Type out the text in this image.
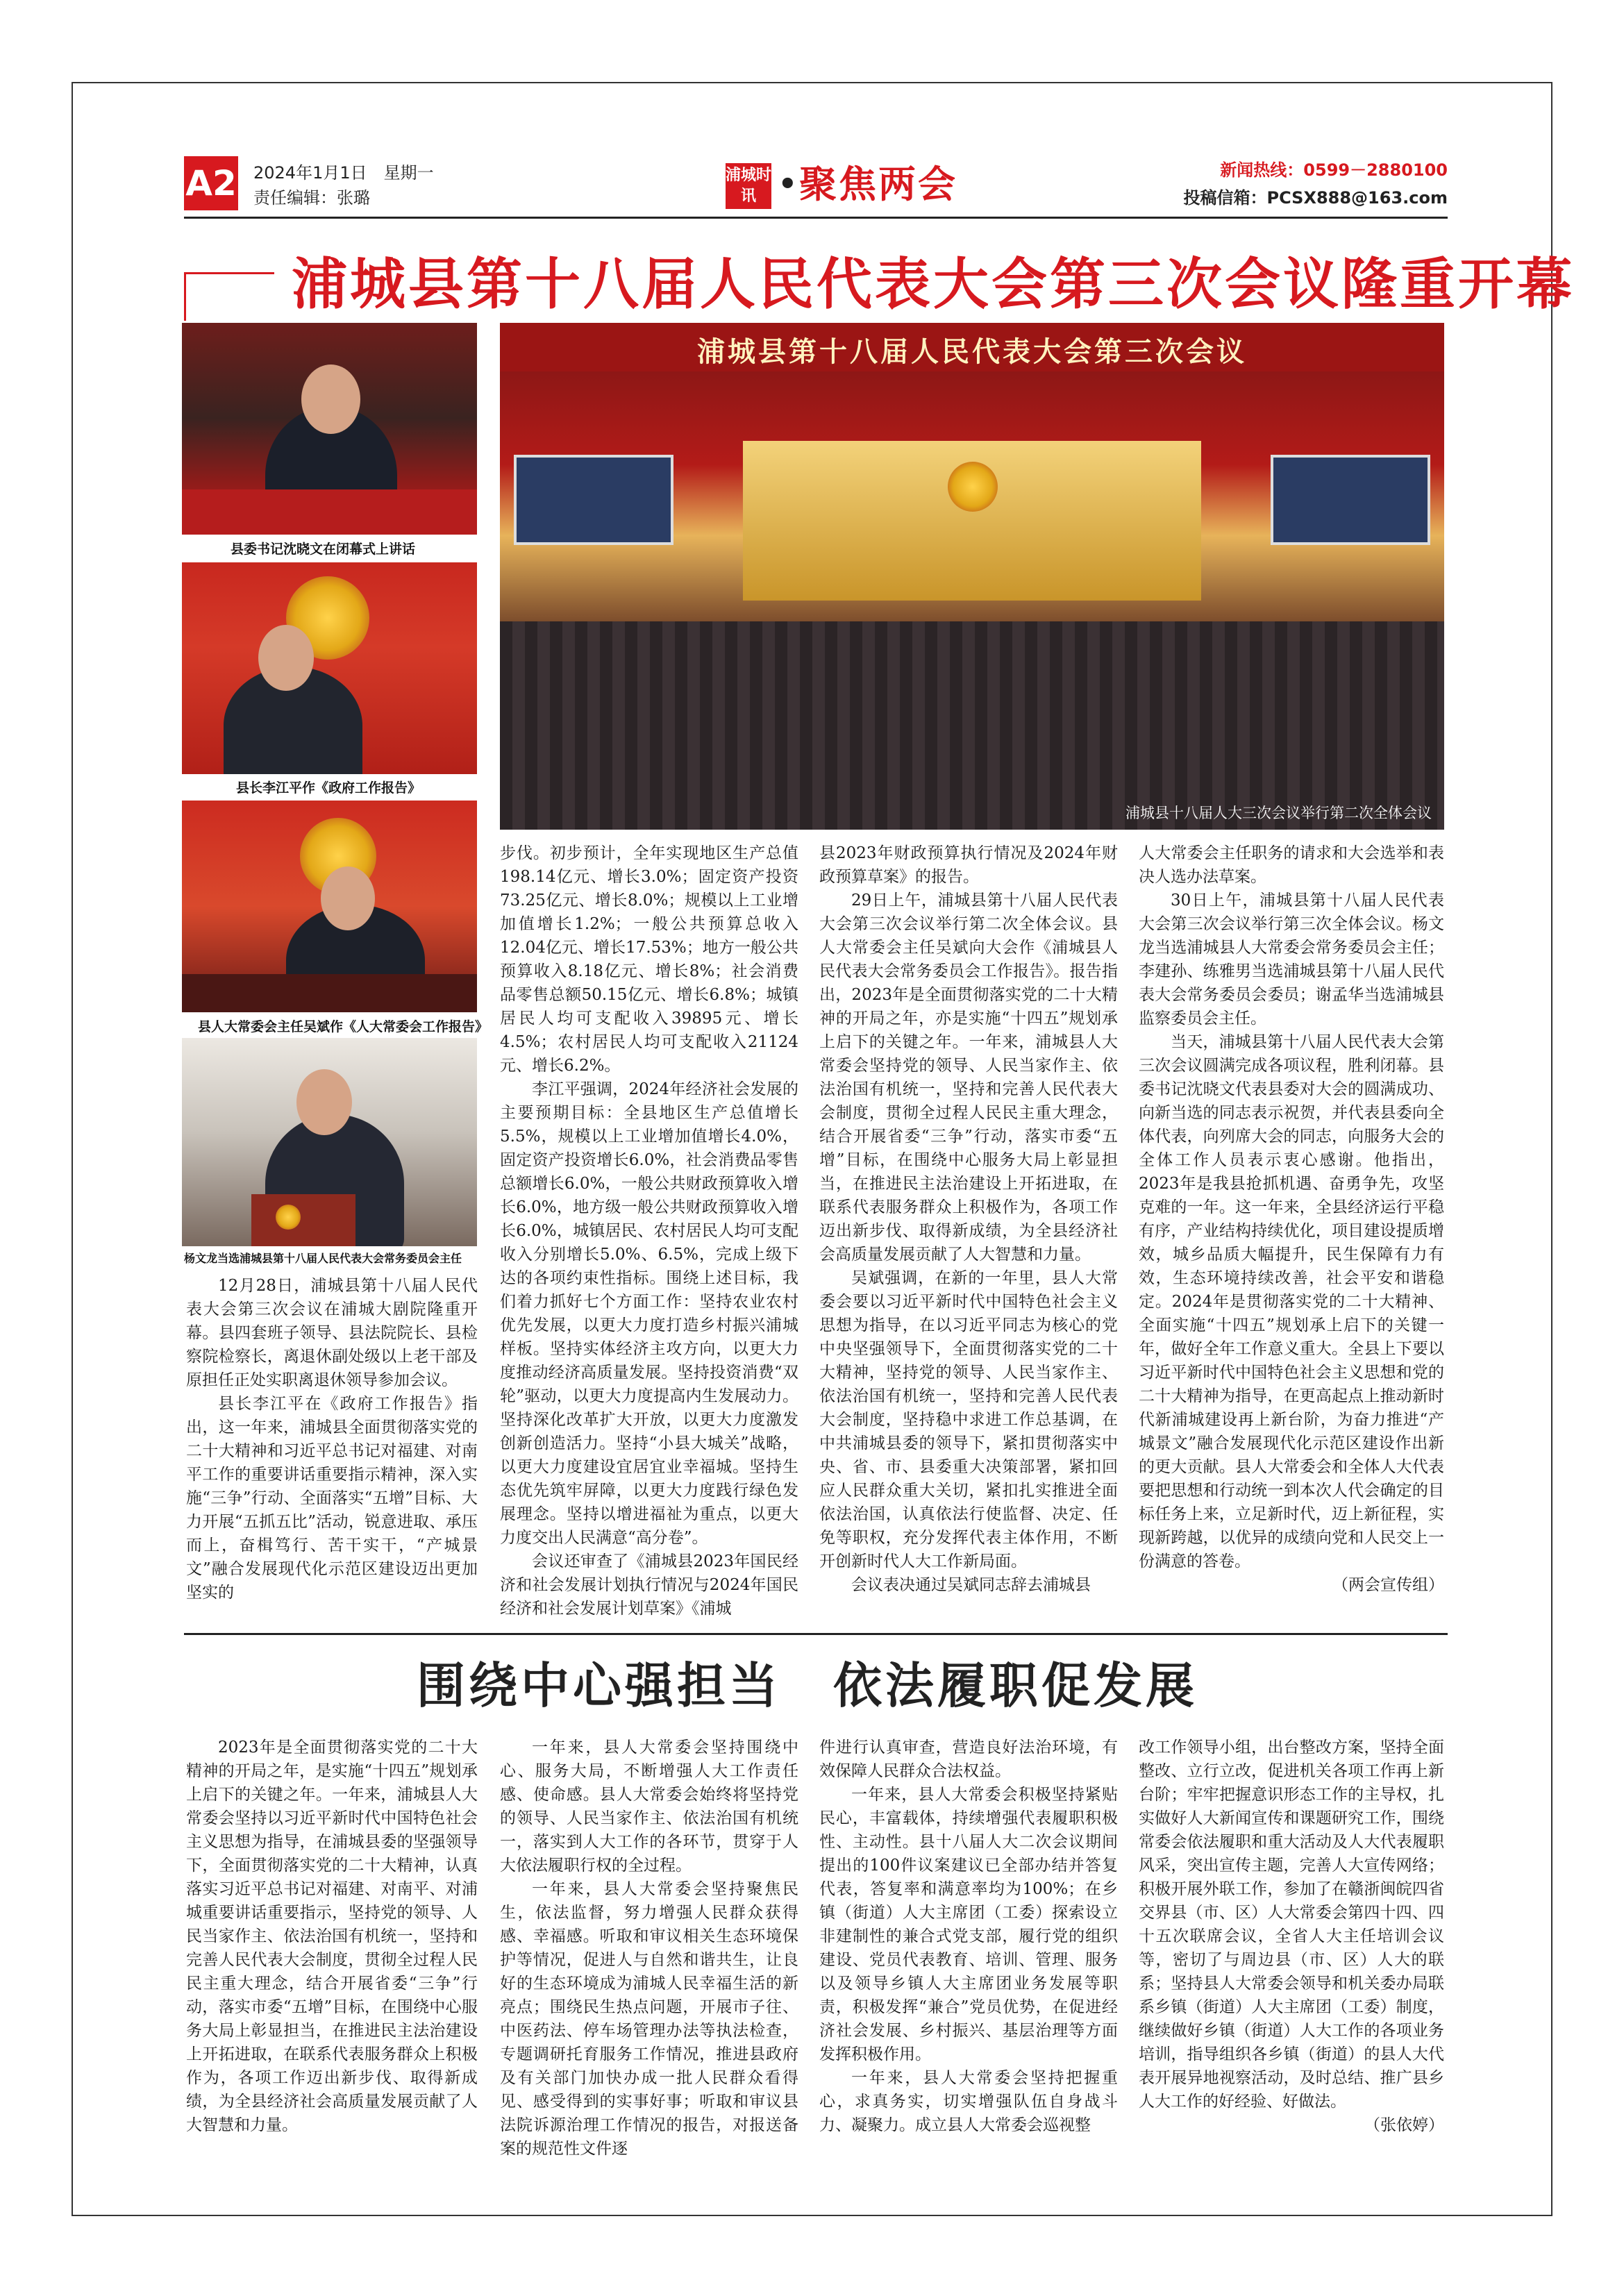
A2 2024年1月1日　星期一
责任编辑：张璐
浦城时讯 • 聚焦两会	新闻热线：0599－2880100
投稿信箱：PCSX888@163.com
浦城县第十八届人民代表大会第三次会议隆重开幕
县委书记沈晓文在闭幕式上讲话
县长李江平作《政府工作报告》
县人大常委会主任吴斌作《人大常委会工作报告》
杨文龙当选浦城县第十八届人民代表大会常务委员会主任
浦城县第十八届人民代表大会第三次会议
浦城县十八届人大三次会议举行第二次全体会议

12月28日，浦城县第十八届人民代表大会第三次会议在浦城大剧院隆重开幕。县四套班子领导、县法院院长、县检察院检察长，离退休副处级以上老干部及原担任正处实职离退休领导参加会议。

县长李江平在《政府工作报告》指出，这一年来，浦城县全面贯彻落实党的二十大精神和习近平总书记对福建、对南平工作的重要讲话重要指示精神，深入实施“三争”行动、全面落实“五增”目标、大力开展“五抓五比”活动，锐意进取、承压而上，奋楫笃行、苦干实干，“产城景文”融合发展现代化示范区建设迈出更加坚实的

步伐。初步预计，全年实现地区生产总值198.14亿元、增长3.0%；固定资产投资73.25亿元、增长8.0%；规模以上工业增加值增长1.2%；一般公共预算总收入12.04亿元、增长17.53%；地方一般公共预算收入8.18亿元、增长8%；社会消费品零售总额50.15亿元、增长6.8%；城镇居民人均可支配收入39895元、增长4.5%；农村居民人均可支配收入21124元、增长6.2%。

李江平强调，2024年经济社会发展的主要预期目标：全县地区生产总值增长5.5%，规模以上工业增加值增长4.0%，固定资产投资增长6.0%，社会消费品零售总额增长6.0%，一般公共财政预算收入增长6.0%，地方级一般公共财政预算收入增长6.0%，城镇居民、农村居民人均可支配收入分别增长5.0%、6.5%，完成上级下达的各项约束性指标。围绕上述目标，我们着力抓好七个方面工作：坚持农业农村优先发展，以更大力度打造乡村振兴浦城样板。坚持实体经济主攻方向，以更大力度推动经济高质量发展。坚持投资消费“双轮”驱动，以更大力度提高内生发展动力。坚持深化改革扩大开放，以更大力度激发创新创造活力。坚持“小县大城关”战略，以更大力度建设宜居宜业幸福城。坚持生态优先筑牢屏障，以更大力度践行绿色发展理念。坚持以增进福祉为重点，以更大力度交出人民满意“高分卷”。

会议还审查了《浦城县2023年国民经济和社会发展计划执行情况与2024年国民经济和社会发展计划草案》《浦城

县2023年财政预算执行情况及2024年财政预算草案》的报告。

29日上午，浦城县第十八届人民代表大会第三次会议举行第二次全体会议。县人大常委会主任吴斌向大会作《浦城县人民代表大会常务委员会工作报告》。报告指出，2023年是全面贯彻落实党的二十大精神的开局之年，亦是实施“十四五”规划承上启下的关键之年。一年来，浦城县人大常委会坚持党的领导、人民当家作主、依法治国有机统一，坚持和完善人民代表大会制度，贯彻全过程人民民主重大理念，结合开展省委“三争”行动，落实市委“五增”目标，在围绕中心服务大局上彰显担当，在推进民主法治建设上开拓进取，在联系代表服务群众上积极作为，各项工作迈出新步伐、取得新成绩，为全县经济社会高质量发展贡献了人大智慧和力量。

吴斌强调，在新的一年里，县人大常委会要以习近平新时代中国特色社会主义思想为指导，在以习近平同志为核心的党中央坚强领导下，全面贯彻落实党的二十大精神，坚持党的领导、人民当家作主、依法治国有机统一，坚持和完善人民代表大会制度，坚持稳中求进工作总基调，在中共浦城县委的领导下，紧扣贯彻落实中央、省、市、县委重大决策部署，紧扣回应人民群众重大关切，紧扣扎实推进全面依法治国，认真依法行使监督、决定、任免等职权，充分发挥代表主体作用，不断开创新时代人大工作新局面。

会议表决通过吴斌同志辞去浦城县

人大常委会主任职务的请求和大会选举和表决人选办法草案。

30日上午，浦城县第十八届人民代表大会第三次会议举行第三次全体会议。杨文龙当选浦城县人大常委会常务委员会主任；李建孙、练雅男当选浦城县第十八届人民代表大会常务委员会委员；谢孟华当选浦城县监察委员会主任。

当天，浦城县第十八届人民代表大会第三次会议圆满完成各项议程，胜利闭幕。县委书记沈晓文代表县委对大会的圆满成功、向新当选的同志表示祝贺，并代表县委向全体代表，向列席大会的同志，向服务大会的全体工作人员表示衷心感谢。他指出，2023年是我县抢抓机遇、奋勇争先，攻坚克难的一年。这一年来，全县经济运行平稳有序，产业结构持续优化，项目建设提质增效，城乡品质大幅提升，民生保障有力有效，生态环境持续改善，社会平安和谐稳定。2024年是贯彻落实党的二十大精神、全面实施“十四五”规划承上启下的关键一年，做好全年工作意义重大。全县上下要以习近平新时代中国特色社会主义思想和党的二十大精神为指导，在更高起点上推动新时代新浦城建设再上新台阶，为奋力推进“产城景文”融合发展现代化示范区建设作出新的更大贡献。县人大常委会和全体人大代表要把思想和行动统一到本次人代会确定的目标任务上来，立足新时代，迈上新征程，实现新跨越，以优异的成绩向党和人民交上一份满意的答卷。

（两会宣传组）

围绕中心强担当　依法履职促发展

2023年是全面贯彻落实党的二十大精神的开局之年，是实施“十四五”规划承上启下的关键之年。一年来，浦城县人大常委会坚持以习近平新时代中国特色社会主义思想为指导，在浦城县委的坚强领导下，全面贯彻落实党的二十大精神，认真落实习近平总书记对福建、对南平、对浦城重要讲话重要指示，坚持党的领导、人民当家作主、依法治国有机统一，坚持和完善人民代表大会制度，贯彻全过程人民民主重大理念，结合开展省委“三争”行动，落实市委“五增”目标，在围绕中心服务大局上彰显担当，在推进民主法治建设上开拓进取，在联系代表服务群众上积极作为，各项工作迈出新步伐、取得新成绩，为全县经济社会高质量发展贡献了人大智慧和力量。

一年来，县人大常委会坚持围绕中心、服务大局，不断增强人大工作责任感、使命感。县人大常委会始终将坚持党的领导、人民当家作主、依法治国有机统一，落实到人大工作的各环节，贯穿于人大依法履职行权的全过程。

一年来，县人大常委会坚持聚焦民生，依法监督，努力增强人民群众获得感、幸福感。听取和审议相关生态环境保护等情况，促进人与自然和谐共生，让良好的生态环境成为浦城人民幸福生活的新亮点；围绕民生热点问题，开展市子往、中医药法、停车场管理办法等执法检查，专题调研托育服务工作情况，推进县政府及有关部门加快办成一批人民群众看得见、感受得到的实事好事；听取和审议县法院诉源治理工作情况的报告，对报送备案的规范性文件逐

件进行认真审查，营造良好法治环境，有效保障人民群众合法权益。

一年来，县人大常委会积极坚持紧贴民心，丰富载体，持续增强代表履职积极性、主动性。县十八届人大二次会议期间提出的100件议案建议已全部办结并答复代表，答复率和满意率均为100%；在乡镇（街道）人大主席团（工委）探索设立非建制性的兼合式党支部，履行党的组织建设、党员代表教育、培训、管理、服务以及领导乡镇人大主席团业务发展等职责，积极发挥“兼合”党员优势，在促进经济社会发展、乡村振兴、基层治理等方面发挥积极作用。

一年来，县人大常委会坚持把握重心，求真务实，切实增强队伍自身战斗力、凝聚力。成立县人大常委会巡视整

改工作领导小组，出台整改方案，坚持全面整改、立行立改，促进机关各项工作再上新台阶；牢牢把握意识形态工作的主导权，扎实做好人大新闻宣传和课题研究工作，围绕常委会依法履职和重大活动及人大代表履职风采，突出宣传主题，完善人大宣传网络；积极开展外联工作，参加了在赣浙闽皖四省交界县（市、区）人大常委会第四十四、四十五次联席会议，全省人大主任培训会议等，密切了与周边县（市、区）人大的联系；坚持县人大常委会领导和机关委办局联系乡镇（街道）人大主席团（工委）制度，继续做好乡镇（街道）人大工作的各项业务培训，指导组织各乡镇（街道）的县人大代表开展异地视察活动，及时总结、推广县乡人大工作的好经验、好做法。

（张依婷）
